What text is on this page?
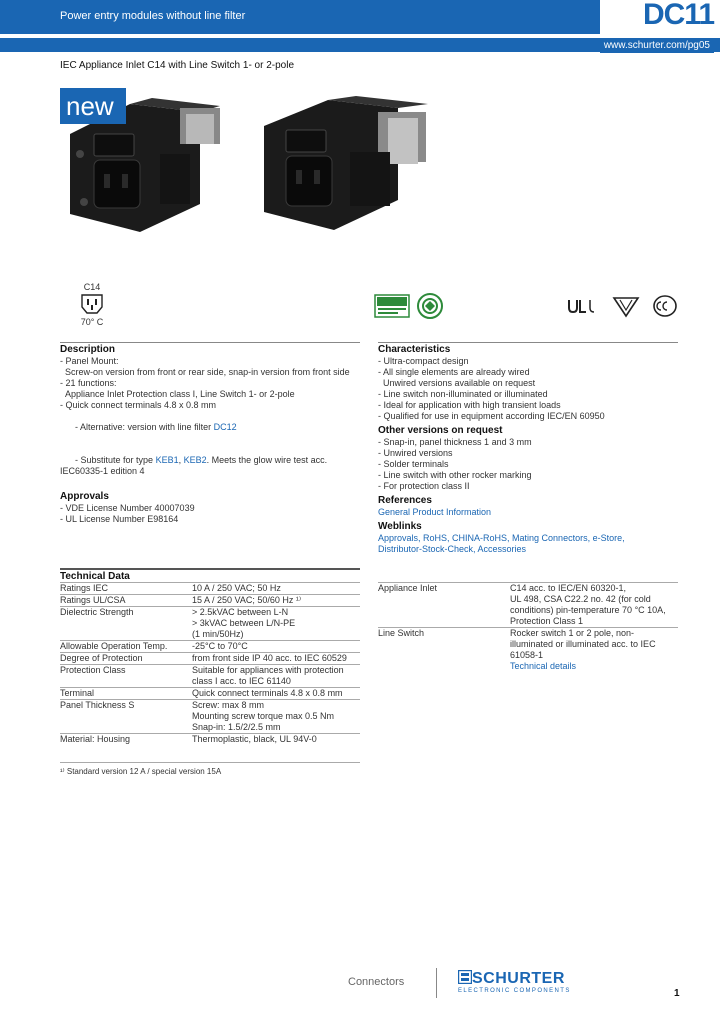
DC11
Power entry modules without line filter
www.schurter.com/pg05
IEC Appliance Inlet C14 with Line Switch 1- or 2-pole
new
C14
70° C
Description
- Panel Mount:
Screw-on version from front or rear side, snap-in version from front side
- 21 functions:
Appliance Inlet Protection class I, Line Switch 1- or 2-pole
- Quick connect terminals 4.8 x 0.8 mm

- Alternative: version with line filter DC12

- Substitute for type KEB1, KEB2. Meets the glow wire test acc. IEC60335-1 edition 4

Approvals
- VDE License Number 40007039
- UL License Number E98164
Characteristics
- Ultra-compact design
- All single elements are already wired
Unwired versions available on request
- Line switch non-illuminated or illuminated
- Ideal for application with high transient loads
- Qualified for use in equipment according IEC/EN 60950
Other versions on request
- Snap-in, panel thickness 1 and 3 mm
- Unwired versions
- Solder terminals
- Line switch with other rocker marking
- For protection class II
References
General Product Information
Weblinks
Approvals, RoHS, CHINA-RoHS, Mating Connectors, e-Store,
Distributor-Stock-Check, Accessories
Technical Data
Ratings IEC	10 A / 250 VAC; 50 Hz
Ratings UL/CSA	15 A / 250 VAC; 50/60 Hz ¹⁾
Dielectric Strength	> 2.5kVAC between L-N
> 3kVAC between L/N-PE
(1 min/50Hz)
Allowable Operation Temp.	-25°C to 70°C
Degree of Protection	from front side IP 40 acc. to IEC 60529
Protection Class	Suitable for appliances with protection class I acc. to IEC 61140
Terminal	Quick connect terminals 4.8 x 0.8 mm
Panel Thickness S	Screw: max 8 mm
Mounting screw torque max 0.5 Nm
Snap-in: 1.5/2/2.5 mm
Material: Housing	Thermoplastic, black, UL 94V-0
Appliance Inlet	C14 acc. to IEC/EN 60320-1,
UL 498, CSA C22.2 no. 42 (for cold conditions) pin-temperature 70 °C 10A, Protection Class 1
Line Switch	Rocker switch 1 or 2 pole, non-illuminated or illuminated acc. to IEC 61058-1
Technical details
¹⁾ Standard version 12 A / special version 15A
Connectors	SCHURTER
ELECTRONIC COMPONENTS	1
